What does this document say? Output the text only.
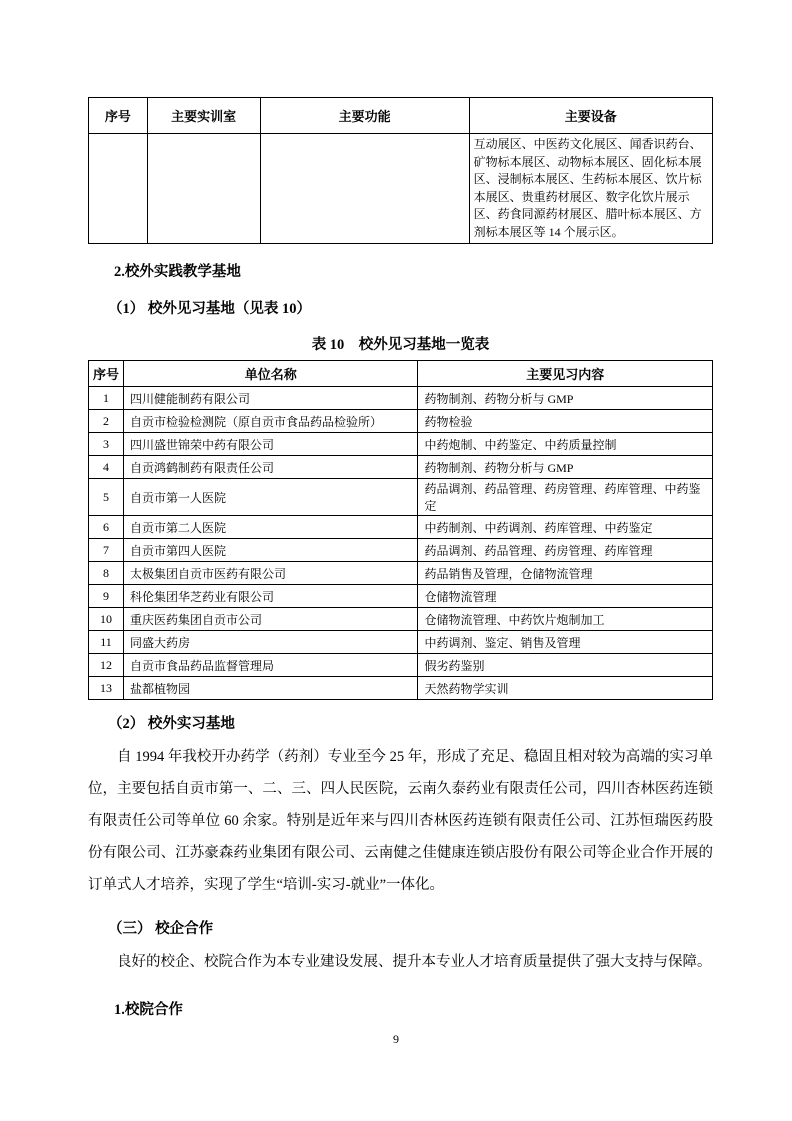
序号	主要实训室	主要功能	主要设备
			互动展区、中医药文化展区、闻香识药台、矿物标本展区、动物标本展区、固化标本展区、浸制标本展区、生药标本展区、饮片标本展区、贵重药材展区、数字化饮片展示区、药食同源药材展区、腊叶标本展区、方剂标本展区等 14 个展示区。
2.校外实践教学基地
（1） 校外见习基地（见表 10）
表 10　校外见习基地一览表
序号	单位名称	主要见习内容
1	四川健能制药有限公司	药物制剂、药物分析与 GMP
2	自贡市检验检测院（原自贡市食品药品检验所）	药物检验
3	四川盛世锦荣中药有限公司	中药炮制、中药鉴定、中药质量控制
4	自贡鸿鹤制药有限责任公司	药物制剂、药物分析与 GMP
5	自贡市第一人医院	药品调剂、药品管理、药房管理、药库管理、中药鉴定
6	自贡市第二人医院	中药制剂、中药调剂、药库管理、中药鉴定
7	自贡市第四人医院	药品调剂、药品管理、药房管理、药库管理
8	太极集团自贡市医药有限公司	药品销售及管理，仓储物流管理
9	科伦集团华芝药业有限公司	仓储物流管理
10	重庆医药集团自贡市公司	仓储物流管理、中药饮片炮制加工
11	同盛大药房	中药调剂、鉴定、销售及管理
12	自贡市食品药品监督管理局	假劣药鉴别
13	盐都植物园	天然药物学实训
（2） 校外实习基地

自 1994 年我校开办药学（药剂）专业至今 25 年，形成了充足、稳固且相对较为高端的实习单位，主要包括自贡市第一、二、三、四人民医院，云南久泰药业有限责任公司，四川杏林医药连锁有限责任公司等单位 60 余家。特别是近年来与四川杏林医药连锁有限责任公司、江苏恒瑞医药股份有限公司、江苏豪森药业集团有限公司、云南健之佳健康连锁店股份有限公司等企业合作开展的订单式人才培养，实现了学生“培训-实习-就业”一体化。

（三） 校企合作

良好的校企、校院合作为本专业建设发展、提升本专业人才培育质量提供了强大支持与保障。

1.校院合作
9
